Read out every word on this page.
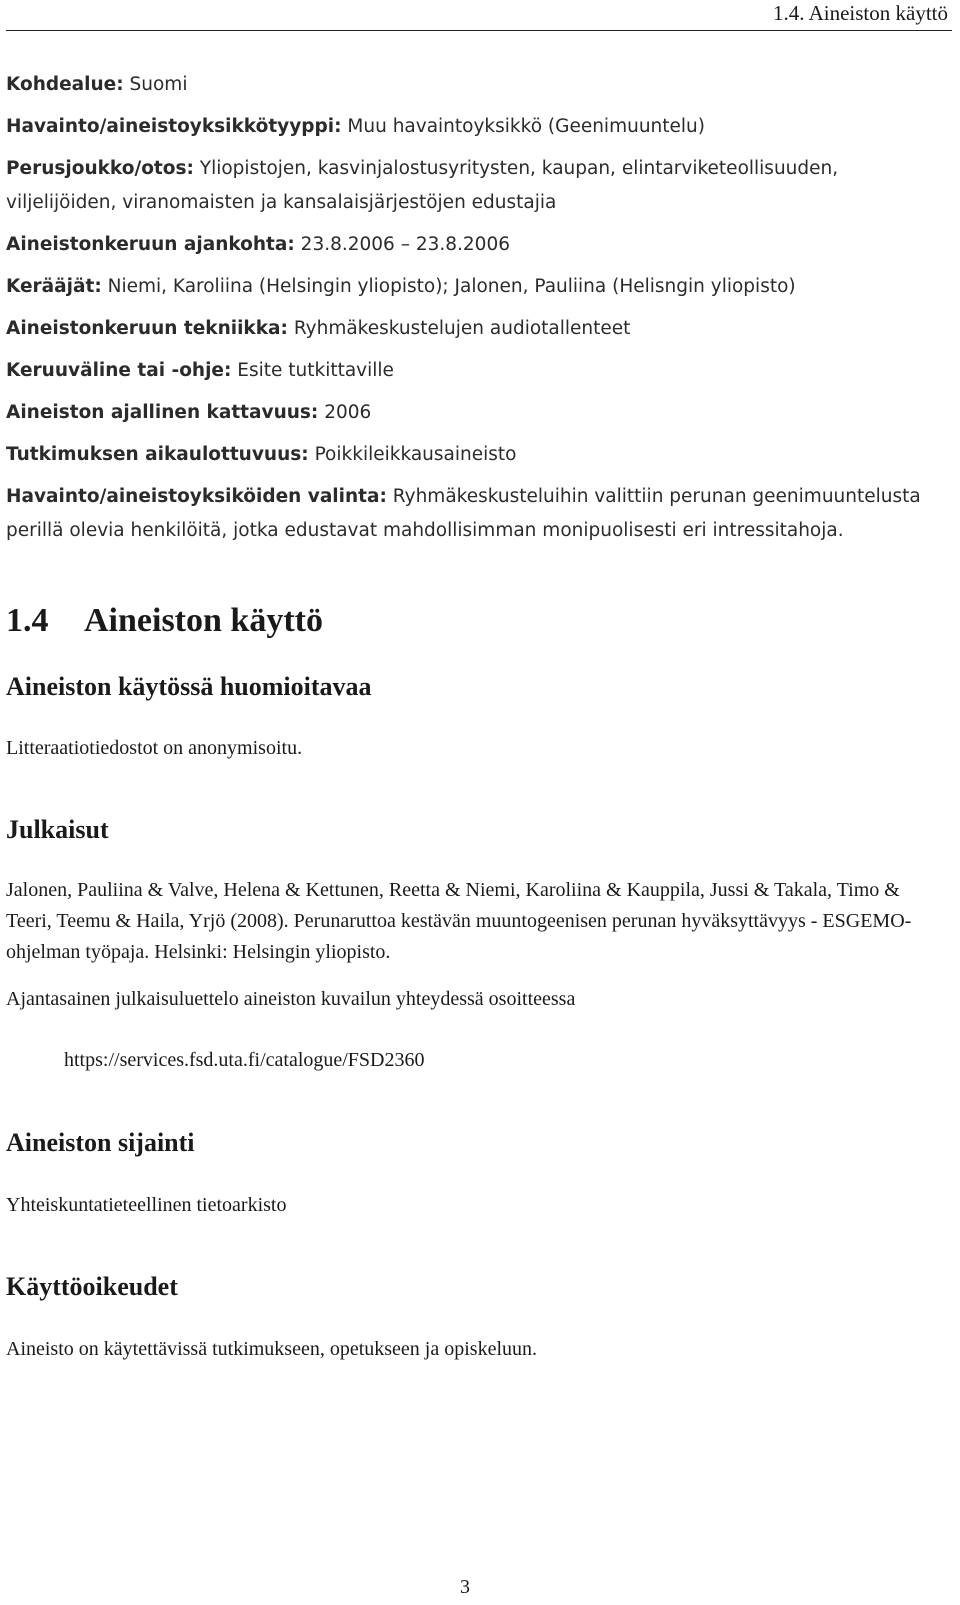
1.4. Aineiston käyttö
Kohdealue: Suomi
Havainto/aineistoyksikkötyyppi: Muu havaintoyksikkö (Geenimuuntelu)
Perusjoukko/otos: Yliopistojen, kasvinjalostusyritysten, kaupan, elintarviketeollisuuden, viljelijöiden, viranomaisten ja kansalaisjärjestöjen edustajia
Aineistonkeruun ajankohta: 23.8.2006 – 23.8.2006
Kerääjät: Niemi, Karoliina (Helsingin yliopisto); Jalonen, Pauliina (Helisngin yliopisto)
Aineistonkeruun tekniikka: Ryhmäkeskustelujen audiotallenteet
Keruuväline tai -ohje: Esite tutkittaville
Aineiston ajallinen kattavuus: 2006
Tutkimuksen aikaulottuvuus: Poikkileikkausaineisto
Havainto/aineistoyksiköiden valinta: Ryhmäkeskusteluihin valittiin perunan geenimuuntelusta perillä olevia henkilöitä, jotka edustavat mahdollisimman monipuolisesti eri intressitahoja.
1.4 Aineiston käyttö
Aineiston käytössä huomioitavaa

Litteraatiotiedostot on anonymisoitu.

Julkaisut

Jalonen, Pauliina & Valve, Helena & Kettunen, Reetta & Niemi, Karoliina & Kauppila, Jussi & Takala, Timo & Teeri, Teemu & Haila, Yrjö (2008). Perunaruttoa kestävän muuntogeenisen perunan hyväksyttävyys - ESGEMO-ohjelman työpaja. Helsinki: Helsingin yliopisto.

Ajantasainen julkaisuluettelo aineiston kuvailun yhteydessä osoitteessa

https://services.fsd.uta.fi/catalogue/FSD2360
Aineiston sijainti

Yhteiskuntatieteellinen tietoarkisto

Käyttöoikeudet

Aineisto on käytettävissä tutkimukseen, opetukseen ja opiskeluun.

3
